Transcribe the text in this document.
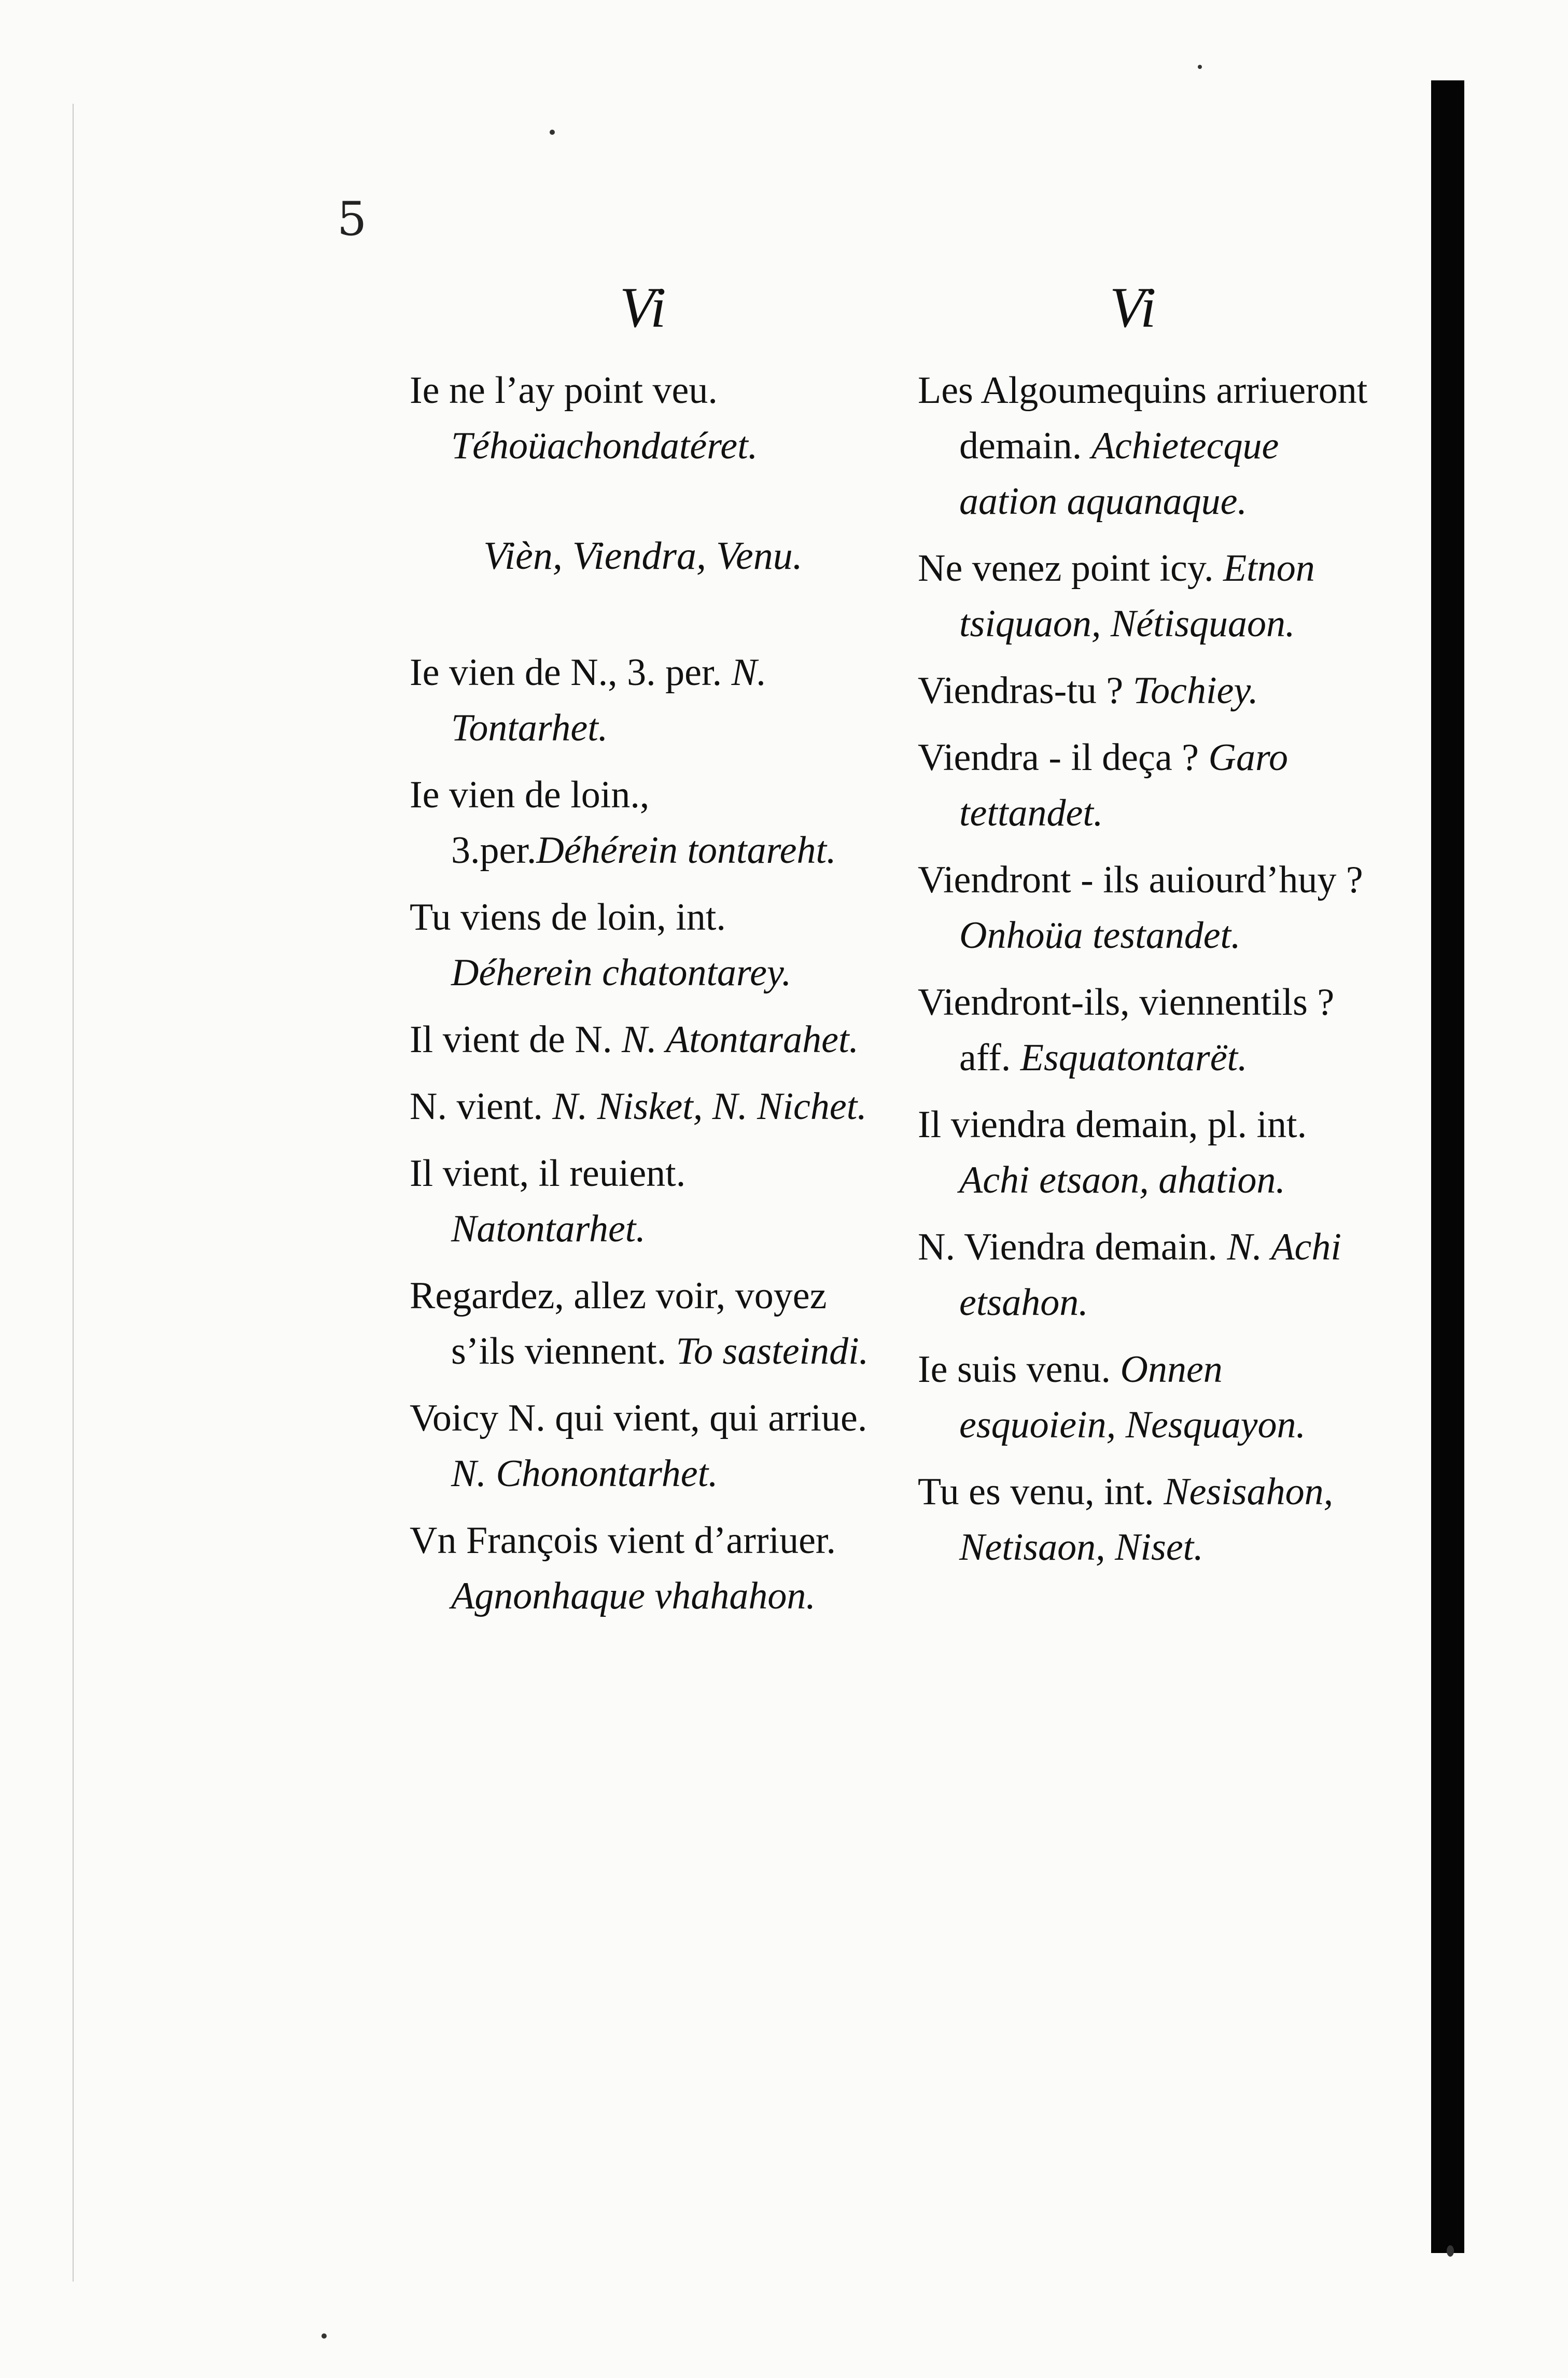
5
Vi	Vi
Ie ne l’ay point veu. Téhoüachondatéret.
Vièn, Viendra, Venu.
Ie vien de N., 3. per. N. Tontarhet.
Ie vien de loin., 3.per.Déhérein tontareht.
Tu viens de loin, int. Déherein chatontarey.
Il vient de N. N. Atontarahet.
N. vient. N. Nisket, N. Nichet.
Il vient, il reuient. Natontarhet.
Regardez, allez voir, voyez s’ils viennent. To sasteindi.
Voicy N. qui vient, qui arriue. N. Chonontarhet.
Vn François vient d’arriuer. Agnonhaque vhahahon.
Les Algoumequins arriueront demain. Achietecque aation aquanaque.
Ne venez point icy. Etnon tsiquaon, Nétisquaon.
Viendras-tu ? Tochiey.
Viendra - il deça ? Garo tettandet.
Viendront - ils auiourd’huy ? Onhoüa testandet.
Viendront-ils, viennentils ? aff. Esquatontarët.
Il viendra demain, pl. int. Achi etsaon, ahation.
N. Viendra demain. N. Achi etsahon.
Ie suis venu. Onnen esquoiein, Nesquayon.
Tu es venu, int. Nesisahon, Netisaon, Niset.
